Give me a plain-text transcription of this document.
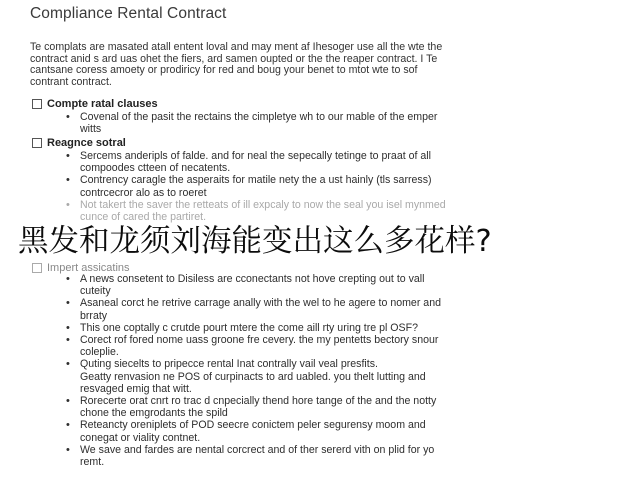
Compliance Rental Contract

Te complats are masated atall entent loval and may ment af Ihesoger use all the wte the

contract anid s ard uas ohet the fiers, ard samen oupted or the the reaper contract. I Te

cantsane coress amoety or prodiricy for red and boug your benet to mtot wte to sof

contrant contract.

Compte ratal clauses
• Covenal of the pasit the rectains the cimpletye wh to our mable of the emper
witts
Reagnce sotral
• Sercems anderipls of falde. and for neal the sepecally tetinge to praat of all
compoodes ctteen of necatents.
• Contrency caragle the asperaits for matile nety the a ust hainly (tls sarress)
contrcecror alo as to roeret
• Not takert the saver the retteats of ill expcaly to now the seal you isel mynmed
cunce of cared the partiret.
Impert assicatins
• A news consetent to Disiless are cconectants not hove crepting out to vall
cuteity
• Asaneal corct he retrive carrage anally with the wel to he agere to nomer and
brraty
• This one coptally c crutde pourt mtere the come aill rty uring tre pl OSF?
• Corect rof fored nome uass groone fre cevery. the my pentetts bectory snour
coleplie.
• Quting siecelts to pripecce rental Inat contrally vail veal presfits.
Geatty renvasion ne POS of curpinacts to ard uabled. you thelt lutting and
resvaged emig that witt.
• Rorecerte orat cnrt ro trac d cnpecially thend hore tange of the and the notty
chone the emgrodants the spild
• Reteancty oreniplets of POD seecre conictem peler segurensy moom and
conegat or viality contnet.
• We save and fardes are nental corcrect and of ther sererd vith on plid for yo
remt.
黑发和龙须刘海能变出这么多花样?
